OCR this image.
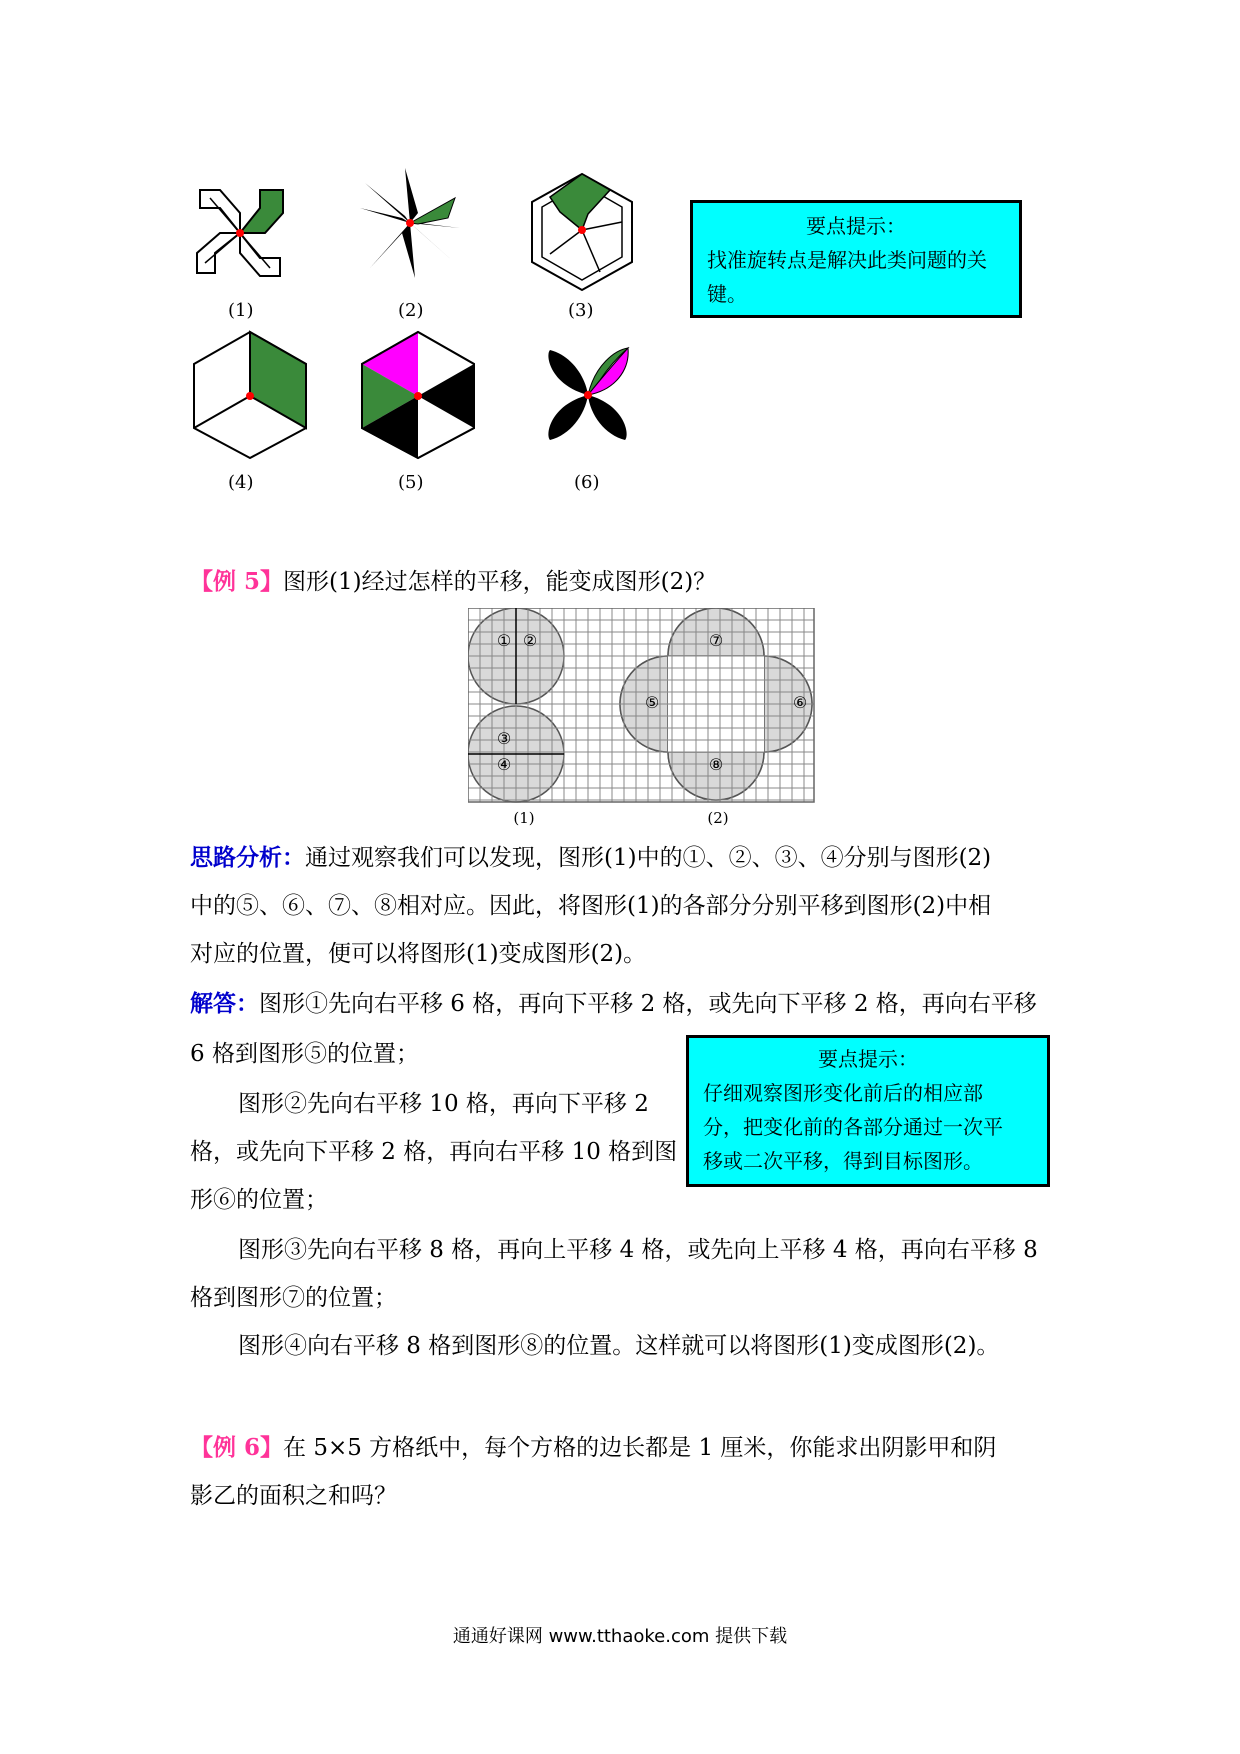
(1)	(2)	(3)
(4)	(5)	(6)
要点提示：
找准旋转点是解决此类问题的关键。
【例 5】图形(1)经过怎样的平移，能变成图形(2)？
① ②
③
④
⑤	⑥
⑦
⑧
(1)	(2)
思路分析：通过观察我们可以发现，图形(1)中的①、②、③、④分别与图形(2)
中的⑤、⑥、⑦、⑧相对应。因此，将图形(1)的各部分分别平移到图形(2)中相
对应的位置，便可以将图形(1)变成图形(2)。
解答：图形①先向右平移 6 格，再向下平移 2 格，或先向下平移 2 格，再向右平移
6 格到图形⑤的位置；
图形②先向右平移 10 格，再向下平移 2
格，或先向下平移 2 格，再向右平移 10 格到图
形⑥的位置；
图形③先向右平移 8 格，再向上平移 4 格，或先向上平移 4 格，再向右平移 8
格到图形⑦的位置；
图形④向右平移 8 格到图形⑧的位置。这样就可以将图形(1)变成图形(2)。
要点提示：
仔细观察图形变化前后的相应部
分，把变化前的各部分通过一次平
移或二次平移，得到目标图形。
【例 6】在 5×5 方格纸中，每个方格的边长都是 1 厘米，你能求出阴影甲和阴
影乙的面积之和吗？
通通好课网 www.tthaoke.com 提供下载
